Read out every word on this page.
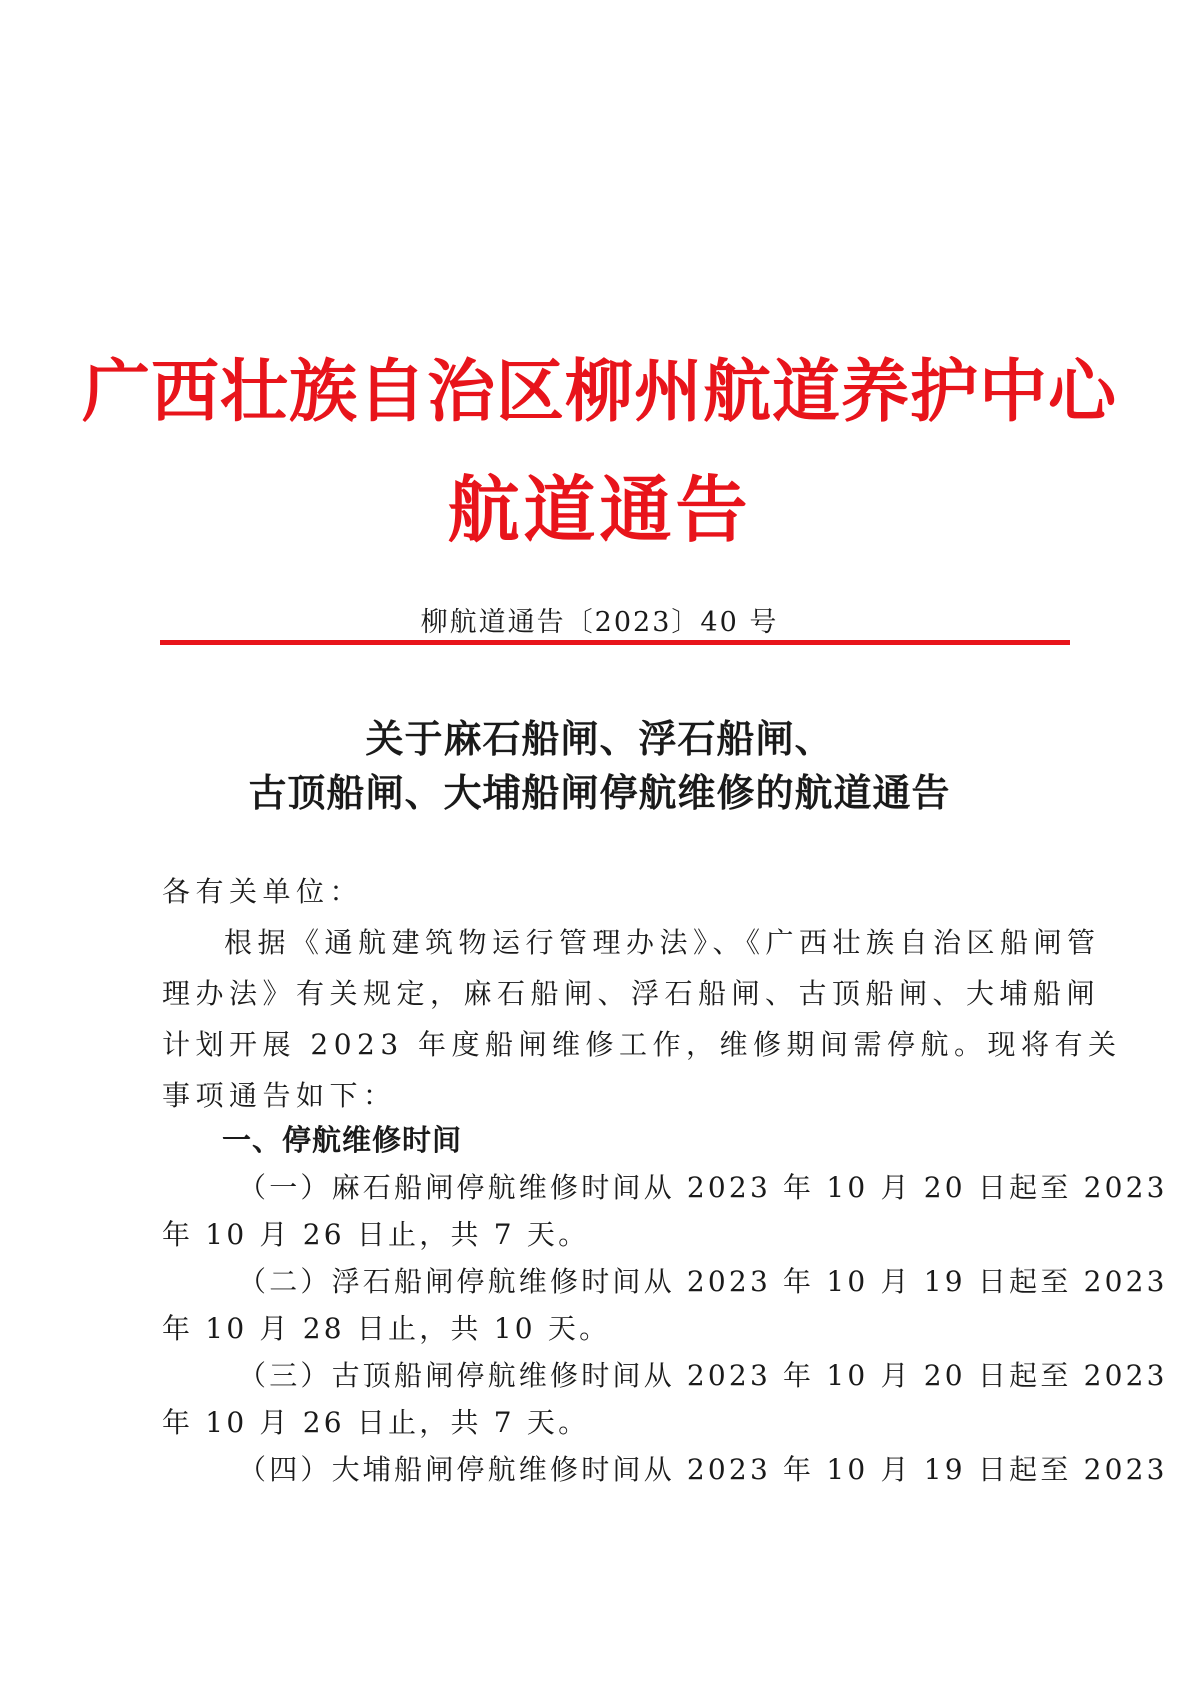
广西壮族自治区柳州航道养护中心
航道通告
柳航道通告〔2023〕40 号
关于麻石船闸、浮石船闸、
古顶船闸、大埔船闸停航维修的航道通告
各有关单位：
根据《通航建筑物运行管理办法》、《广西壮族自治区船闸管
理办法》有关规定，麻石船闸、浮石船闸、古顶船闸、大埔船闸
计划开展 2023 年度船闸维修工作，维修期间需停航。现将有关
事项通告如下：
一、停航维修时间
（一）麻石船闸停航维修时间从 2023 年 10 月 20 日起至 2023
年 10 月 26 日止，共 7 天。
（二）浮石船闸停航维修时间从 2023 年 10 月 19 日起至 2023
年 10 月 28 日止，共 10 天。
（三）古顶船闸停航维修时间从 2023 年 10 月 20 日起至 2023
年 10 月 26 日止，共 7 天。
（四）大埔船闸停航维修时间从 2023 年 10 月 19 日起至 2023
